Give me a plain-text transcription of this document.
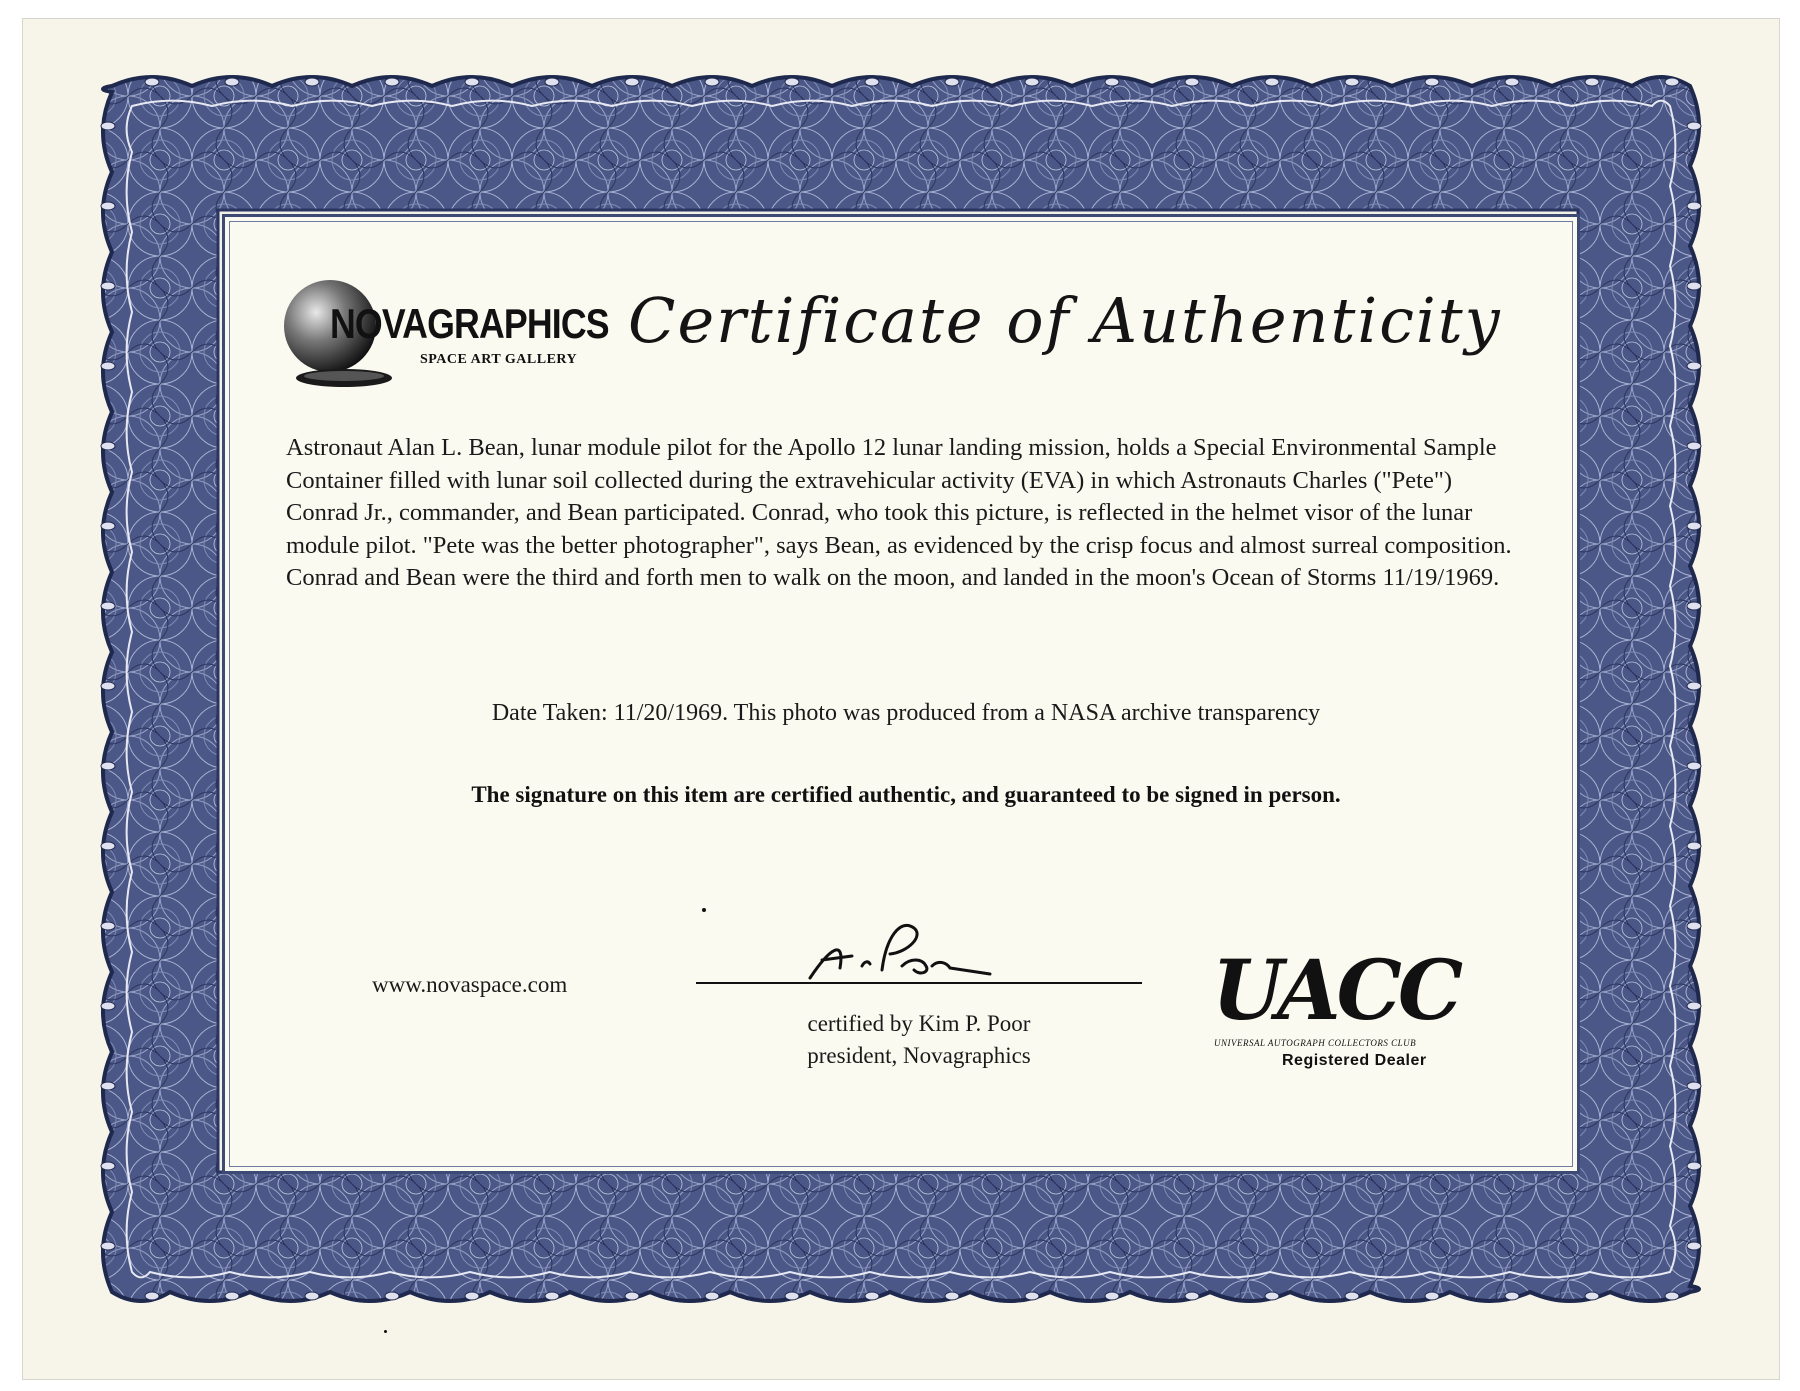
NOVAGRAPHICS
SPACE ART GALLERY
Certificate of Authenticity
Astronaut Alan L. Bean, lunar module pilot for the Apollo 12 lunar landing mission, holds a Special Environmental Sample Container filled with lunar soil collected during the extravehicular activity (EVA) in which Astronauts Charles ("Pete") Conrad Jr., commander, and Bean participated. Conrad, who took this picture, is reflected in the helmet visor of the lunar module pilot. "Pete was the better photographer", says Bean, as evidenced by the crisp focus and almost surreal composition. Conrad and Bean were the third and forth men to walk on the moon, and landed in the moon's Ocean of Storms 11/19/1969.
Date Taken: 11/20/1969. This photo was produced from a NASA archive transparency
The signature on this item are certified authentic, and guaranteed to be signed in person.
www.novaspace.com
certified by Kim P. Poor
president, Novagraphics
UACC
UNIVERSAL AUTOGRAPH COLLECTORS CLUB
Registered Dealer
